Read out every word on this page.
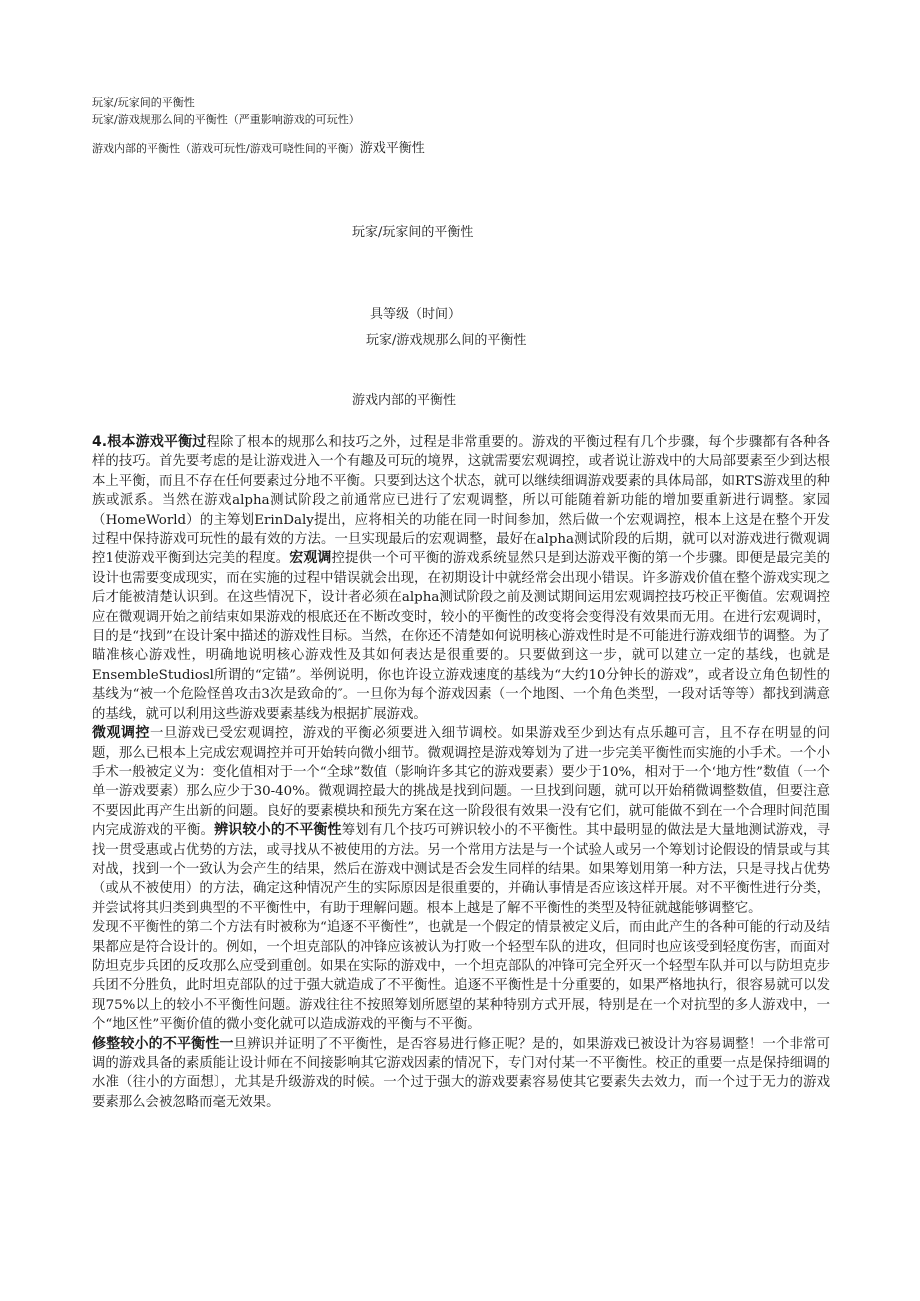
玩家/玩家间的平衡性
玩家/游戏规那么间的平衡性（严重影响游戏的可玩性）
游戏内部的平衡性（游戏可玩性/游戏可哓性间的平衡）游戏平衡性
玩家/玩家间的平衡性
具等级（时间）
玩家/游戏规那么间的平衡性
游戏内部的平衡性

4.根本游戏平衡过程除了根本的规那么和技巧之外，过程是非常重要的。游戏的平衡过程有几个步骤，每个步骤都有各种各样的技巧。首先要考虑的是让游戏进入一个有趣及可玩的境界，这就需要宏观调控，或者说让游戏中的大局部要素至少到达根本上平衡，而且不存在任何要素过分地不平衡。只要到达这个状态，就可以继续细调游戏要素的具体局部，如RTS游戏里的种族或派系。当然在游戏alpha测试阶段之前通常应已进行了宏观调整，所以可能随着新功能的增加要重新进行调整。家园（HomeWorld）的主筹划ErinDaly提出，应将相关的功能在同一时间参加，然后做一个宏观调控，根本上这是在整个开发过程中保持游戏可玩性的最有效的方法。一旦实现最后的宏观调整，最好在alpha测试阶段的后期，就可以对游戏进行微观调控1使游戏平衡到达完美的程度。宏观调控提供一个可平衡的游戏系统显然只是到达游戏平衡的第一个步骤。即便是最完美的设计也需要变成现实，而在实施的过程中错误就会出现，在初期设计中就经常会出现小错误。许多游戏价值在整个游戏实现之后才能被清楚认识到。在这些情况下，设计者必须在alpha测试阶段之前及测试期间运用宏观调控技巧校正平衡值。宏观调控应在微观调开始之前结束如果游戏的根底还在不断改变时，较小的平衡性的改变将会变得没有效果而无用。在进行宏观调时，目的是“找到”在设计案中描述的游戏性目标。当然，在你还不清楚如何说明核心游戏性时是不可能进行游戏细节的调整。为了瞄准核心游戏性，明确地说明核心游戏性及其如何表达是很重要的。只要做到这一步，就可以建立一定的基线，也就是EnsembleStudiosl所谓的“定锚”。举例说明，你也许设立游戏速度的基线为“大约10分钟长的游戏”，或者设立角色韧性的基线为“被一个危险怪兽攻击3次是致命的″。一旦你为每个游戏因素（一个地图、一个角色类型，一段对话等等）都找到满意的基线，就可以利用这些游戏要素基线为根据扩展游戏。

微观调控一旦游戏已受宏观调控，游戏的平衡必须要进入细节调校。如果游戏至少到达有点乐趣可言，且不存在明显的问题，那么已根本上完成宏观调控并可开始转向微小细节。微观调控是游戏筹划为了进一步完美平衡性而实施的小手术。一个小手术一般被定义为：变化值相对于一个“全球”数值（影响许多其它的游戏要素）要少于10%，相对于一个‘地方性”数值（一个单一游戏要素）那么应少于30-40%。微观调控最大的挑战是找到问题。一旦找到问题，就可以开始稍微调整数值，但要注意不要因此再产生出新的问题。良好的要素模块和预先方案在这一阶段很有效果一没有它们，就可能做不到在一个合理时间范围内完成游戏的平衡。辨识较小的不平衡性筹划有几个技巧可辨识较小的不平衡性。其中最明显的做法是大量地测试游戏，寻找一贯受惠或占优势的方法，或寻找从不被使用的方法。另一个常用方法是与一个试验人或另一个筹划讨论假设的情景或与其对战，找到一个一致认为会产生的结果，然后在游戏中测试是否会发生同样的结果。如果筹划用第一种方法，只是寻找占优势（或从不被使用）的方法，确定这种情况产生的实际原因是很重要的，并确认事情是否应该这样开展。对不平衡性进行分类，并尝试将其归类到典型的不平衡性中，有助于理解问题。根本上越是了解不平衡性的类型及特征就越能够调整它。

发现不平衡性的第二个方法有时被称为“追逐不平衡性”，也就是一个假定的情景被定义后，而由此产生的各种可能的行动及结果都应是符合设计的。例如，一个坦克部队的冲锋应该被认为打败一个轻型车队的进攻，但同时也应该受到轻度伤害，而面对防坦克步兵团的反攻那么应受到重创。如果在实际的游戏中，一个坦克部队的冲锋可完全歼灭一个轻型车队并可以与防坦克步兵团不分胜负，此时坦克部队的过于强大就造成了不平衡性。追逐不平衡性是十分重要的，如果严格地执行，很容易就可以发现75%以上的较小不平衡性问题。游戏往往不按照筹划所愿望的某种特别方式开展，特别是在一个对抗型的多人游戏中，一个“地区性”平衡价值的微小变化就可以造成游戏的平衡与不平衡。

修整较小的不平衡性一旦辨识并证明了不平衡性，是否容易进行修正呢？是的，如果游戏已被设计为容易调整！一个非常可调的游戏具备的素质能让设计师在不间接影响其它游戏因素的情况下，专门对付某一不平衡性。校正的重要一点是保持细调的水准（往小的方面想〕，尤其是升级游戏的时候。一个过于强大的游戏要素容易使其它要素失去效力，而一个过于无力的游戏要素那么会被忽略而毫无效果。
